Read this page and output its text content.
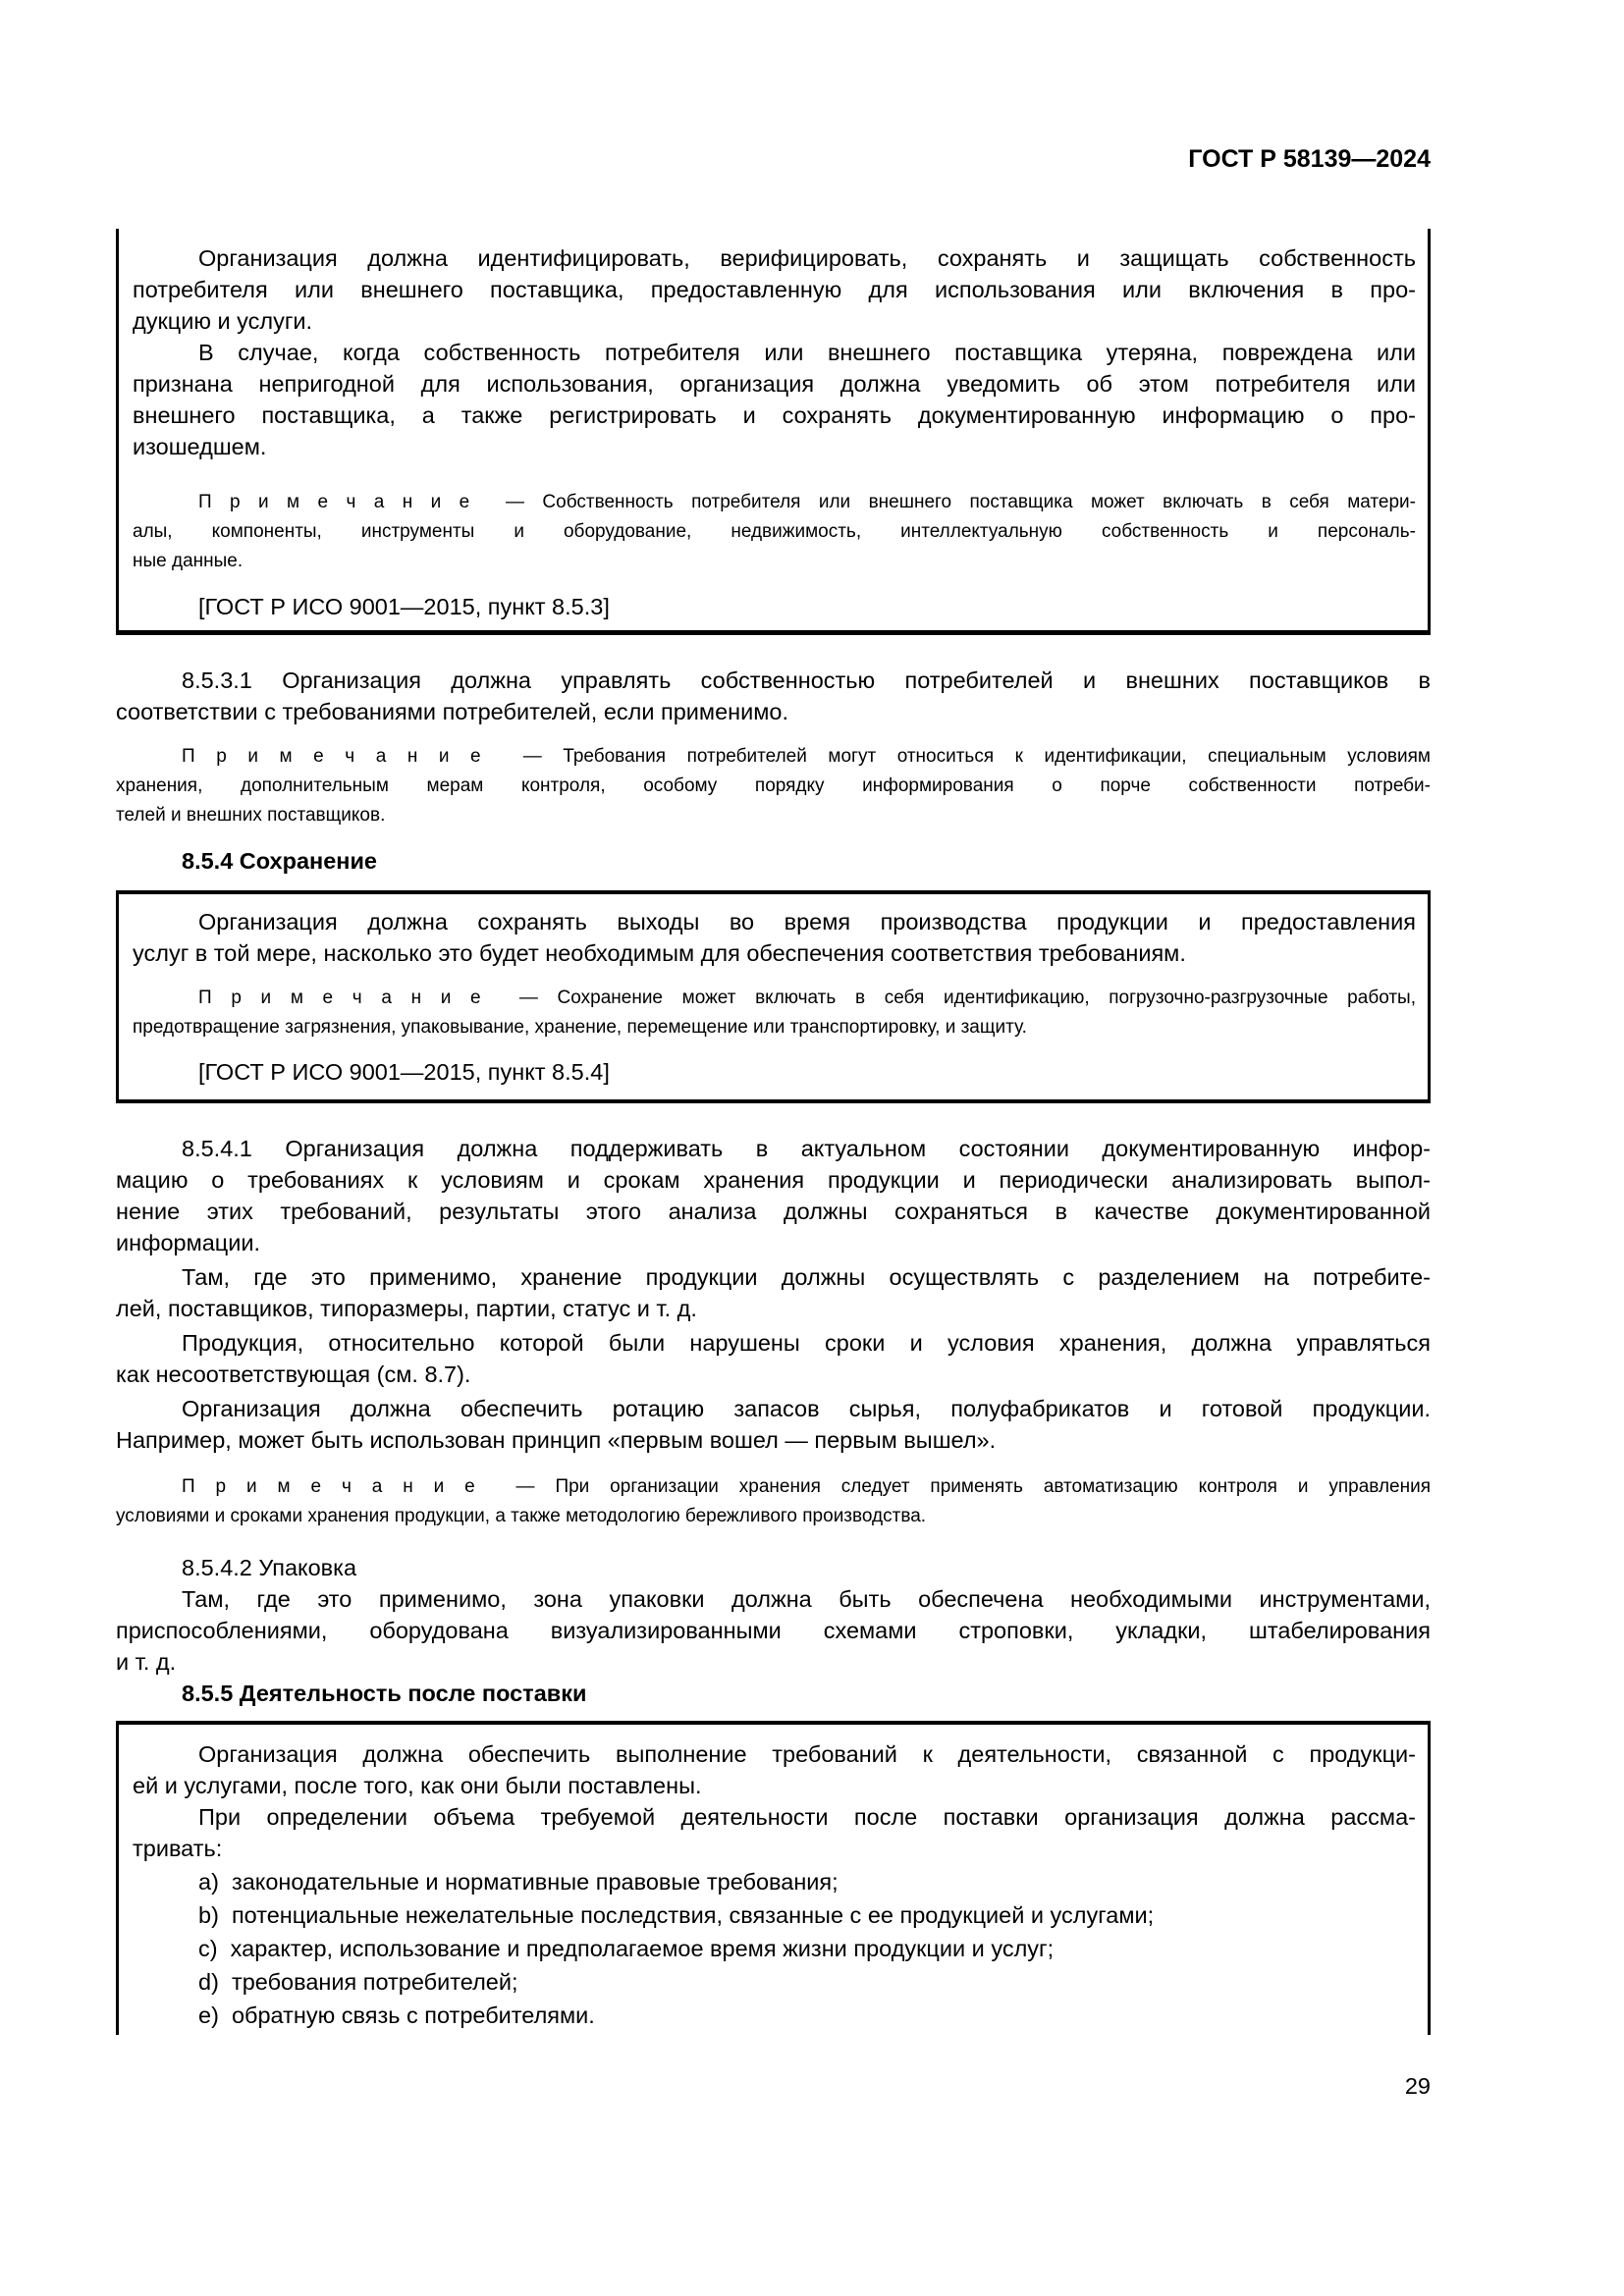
ГОСТ Р 58139—2024
Организация должна идентифицировать, верифицировать, сохранять и защищать собственность
потребителя или внешнего поставщика, предоставленную для использования или включения в про-
дукцию и услуги.
В случае, когда собственность потребителя или внешнего поставщика утеряна, повреждена или
признана непригодной для использования, организация должна уведомить об этом потребителя или
внешнего поставщика, а также регистрировать и сохранять документированную информацию о про-
изошедшем.
П р и м е ч а н и е  — Собственность потребителя или внешнего поставщика может включать в себя матери-
алы, компоненты, инструменты и оборудование, недвижимость, интеллектуальную собственность и персональ-
ные данные.
[ГОСТ Р ИСО 9001—2015, пункт 8.5.3]
8.5.3.1 Организация должна управлять собственностью потребителей и внешних поставщиков в
соответствии с требованиями потребителей, если применимо.
П р и м е ч а н и е  — Требования потребителей могут относиться к идентификации, специальным условиям
хранения, дополнительным мерам контроля, особому порядку информирования о порче собственности потреби-
телей и внешних поставщиков.
8.5.4 Сохранение
Организация должна сохранять выходы во время производства продукции и предоставления
услуг в той мере, насколько это будет необходимым для обеспечения соответствия требованиям.
П р и м е ч а н и е  — Сохранение может включать в себя идентификацию, погрузочно-разгрузочные работы,
предотвращение загрязнения, упаковывание, хранение, перемещение или транспортировку, и защиту.
[ГОСТ Р ИСО 9001—2015, пункт 8.5.4]
8.5.4.1 Организация должна поддерживать в актуальном состоянии документированную инфор-
мацию о требованиях к условиям и срокам хранения продукции и периодически анализировать выпол-
нение этих требований, результаты этого анализа должны сохраняться в качестве документированной
информации.
Там, где это применимо, хранение продукции должны осуществлять с разделением на потребите-
лей, поставщиков, типоразмеры, партии, статус и т. д.
Продукция, относительно которой были нарушены сроки и условия хранения, должна управляться
как несоответствующая (см. 8.7).
Организация должна обеспечить ротацию запасов сырья, полуфабрикатов и готовой продукции.
Например, может быть использован принцип «первым вошел — первым вышел».
П р и м е ч а н и е  — При организации хранения следует применять автоматизацию контроля и управления
условиями и сроками хранения продукции, а также методологию бережливого производства.
8.5.4.2 Упаковка
Там, где это применимо, зона упаковки должна быть обеспечена необходимыми инструментами,
приспособлениями, оборудована визуализированными схемами строповки, укладки, штабелирования
и т. д.
8.5.5 Деятельность после поставки
Организация должна обеспечить выполнение требований к деятельности, связанной с продукци-
ей и услугами, после того, как они были поставлены.
При определении объема требуемой деятельности после поставки организация должна рассма-
тривать:
a)  законодательные и нормативные правовые требования;
b)  потенциальные нежелательные последствия, связанные с ее продукцией и услугами;
c)  характер, использование и предполагаемое время жизни продукции и услуг;
d)  требования потребителей;
e)  обратную связь с потребителями.
29
